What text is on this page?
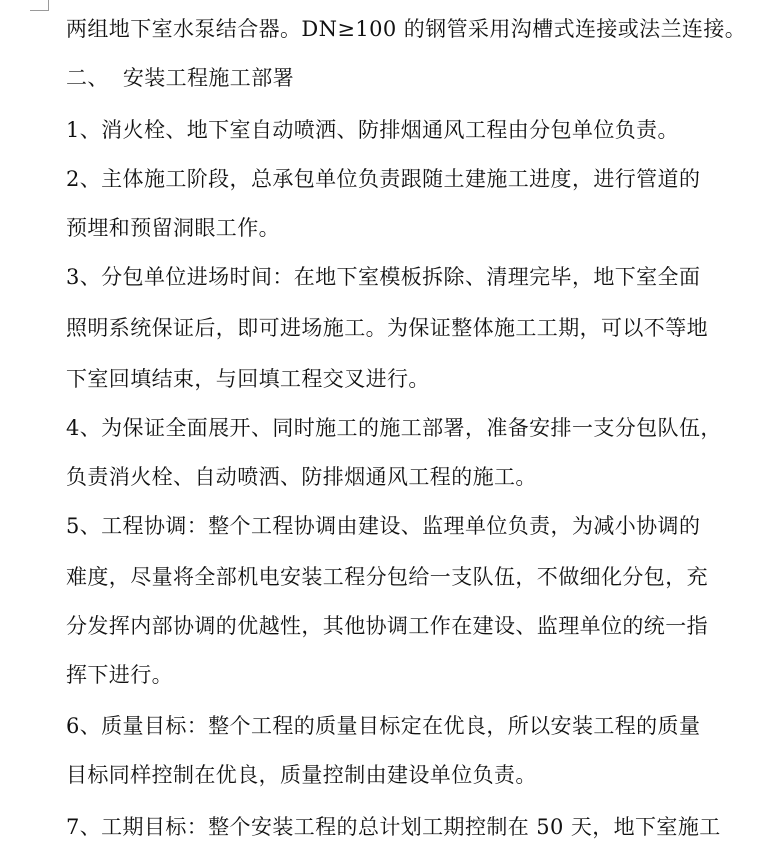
两组地下室水泵结合器。DN≥100 的钢管采用沟槽式连接或法兰连接。

二、 安装工程施工部署

1、消火栓、地下室自动喷洒、防排烟通风工程由分包单位负责。

2、主体施工阶段，总承包单位负责跟随土建施工进度，进行管道的

预埋和预留洞眼工作。

3、分包单位进场时间：在地下室模板拆除、清理完毕，地下室全面

照明系统保证后，即可进场施工。为保证整体施工工期，可以不等地

下室回填结束，与回填工程交叉进行。

4、为保证全面展开、同时施工的施工部署，准备安排一支分包队伍，

负责消火栓、自动喷洒、防排烟通风工程的施工。

5、工程协调：整个工程协调由建设、监理单位负责，为减小协调的

难度，尽量将全部机电安装工程分包给一支队伍，不做细化分包，充

分发挥内部协调的优越性，其他协调工作在建设、监理单位的统一指

挥下进行。

6、质量目标：整个工程的质量目标定在优良，所以安装工程的质量

目标同样控制在优良，质量控制由建设单位负责。

7、工期目标：整个安装工程的总计划工期控制在 50 天，地下室施工
